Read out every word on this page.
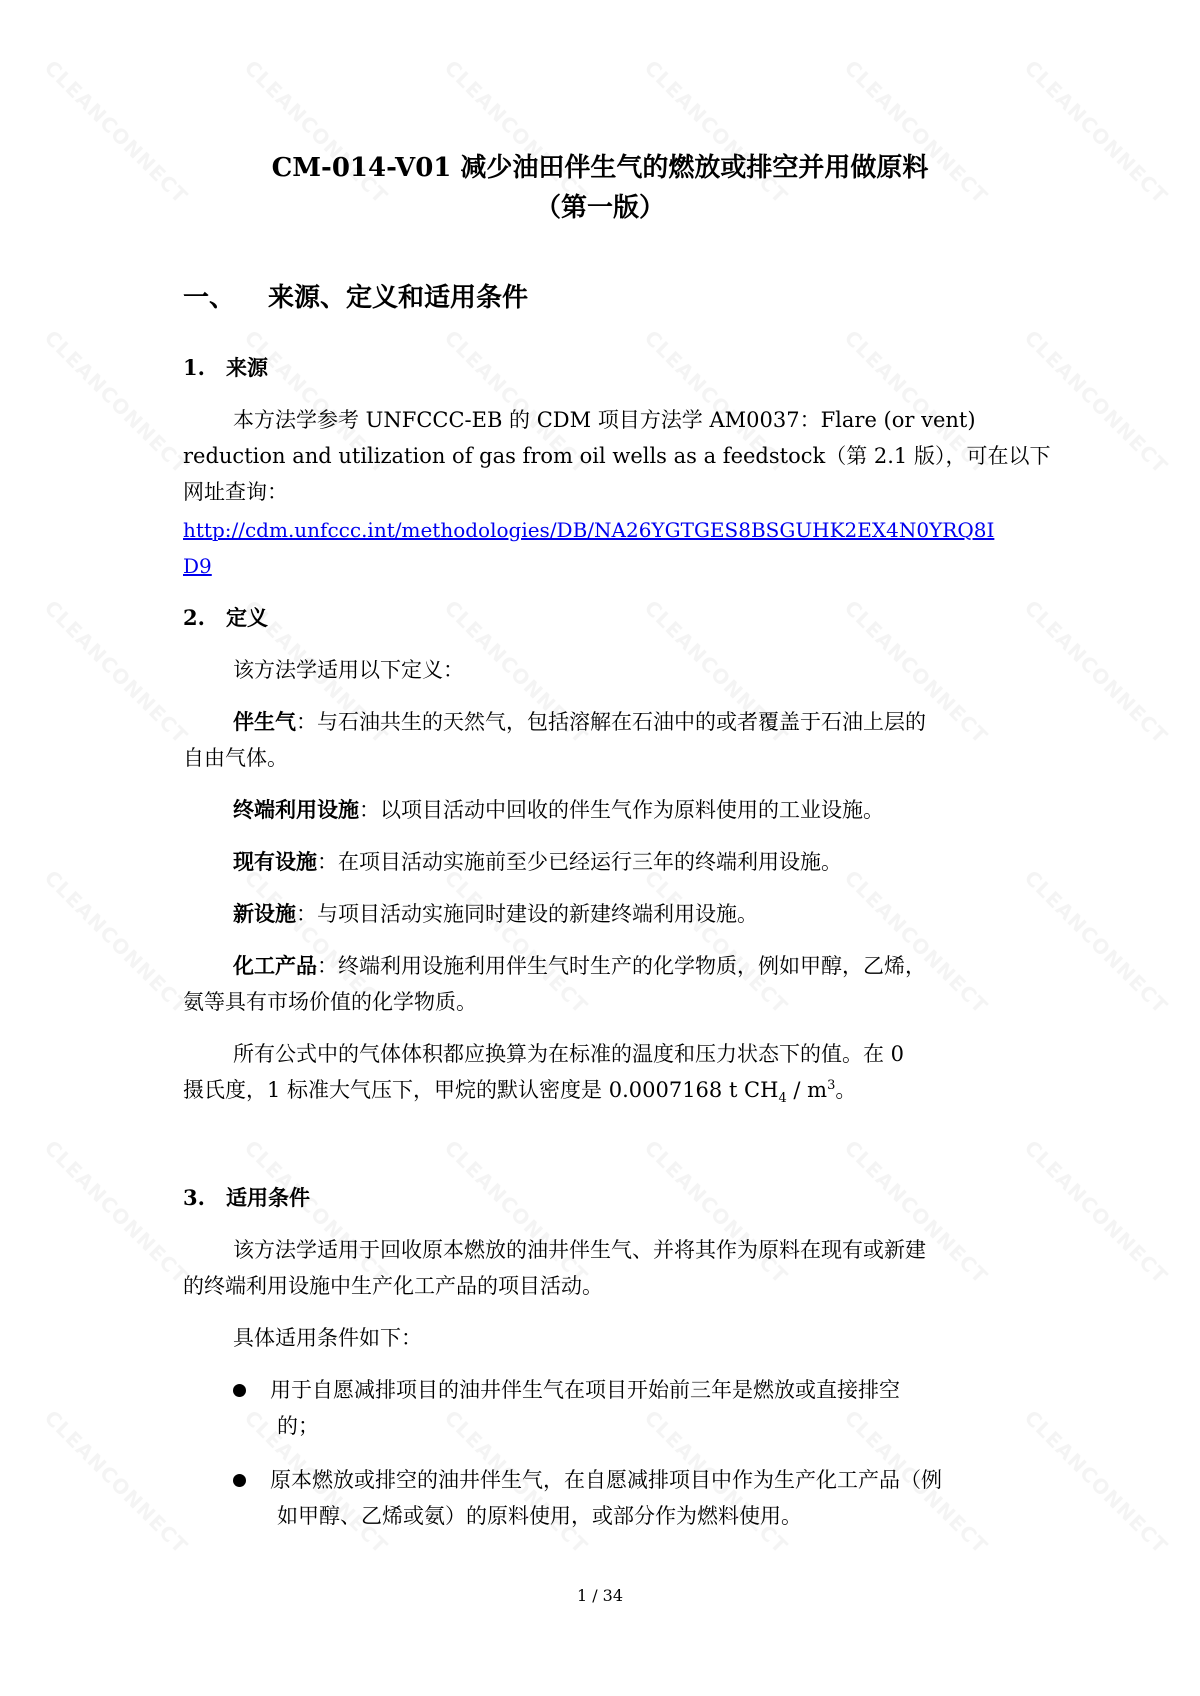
CM-014-V01 减少油田伴生气的燃放或排空并用做原料
（第一版）
一、 来源、定义和适用条件
1. 来源
本方法学参考 UNFCCC-EB 的 CDM 项目方法学 AM0037：Flare (or vent)
reduction and utilization of gas from oil wells as a feedstock（第 2.1 版），可在以下
网址查询：
http://cdm.unfccc.int/methodologies/DB/NA26YGTGES8BSGUHK2EX4N0YRQ8I
D9
2. 定义
该方法学适用以下定义：
伴生气：与石油共生的天然气，包括溶解在石油中的或者覆盖于石油上层的
自由气体。
终端利用设施：以项目活动中回收的伴生气作为原料使用的工业设施。
现有设施：在项目活动实施前至少已经运行三年的终端利用设施。
新设施：与项目活动实施同时建设的新建终端利用设施。
化工产品：终端利用设施利用伴生气时生产的化学物质，例如甲醇，乙烯，
氨等具有市场价值的化学物质。
所有公式中的气体体积都应换算为在标准的温度和压力状态下的值。在 0
摄氏度，1 标准大气压下，甲烷的默认密度是 0.0007168 t $CH_4 / m^3$。
3. 适用条件
该方法学适用于回收原本燃放的油井伴生气、并将其作为原料在现有或新建
的终端利用设施中生产化工产品的项目活动。
具体适用条件如下：
用于自愿减排项目的油井伴生气在项目开始前三年是燃放或直接排空
的；
原本燃放或排空的油井伴生气，在自愿减排项目中作为生产化工产品（例
如甲醇、乙烯或氨）的原料使用，或部分作为燃料使用。
1 / 34
